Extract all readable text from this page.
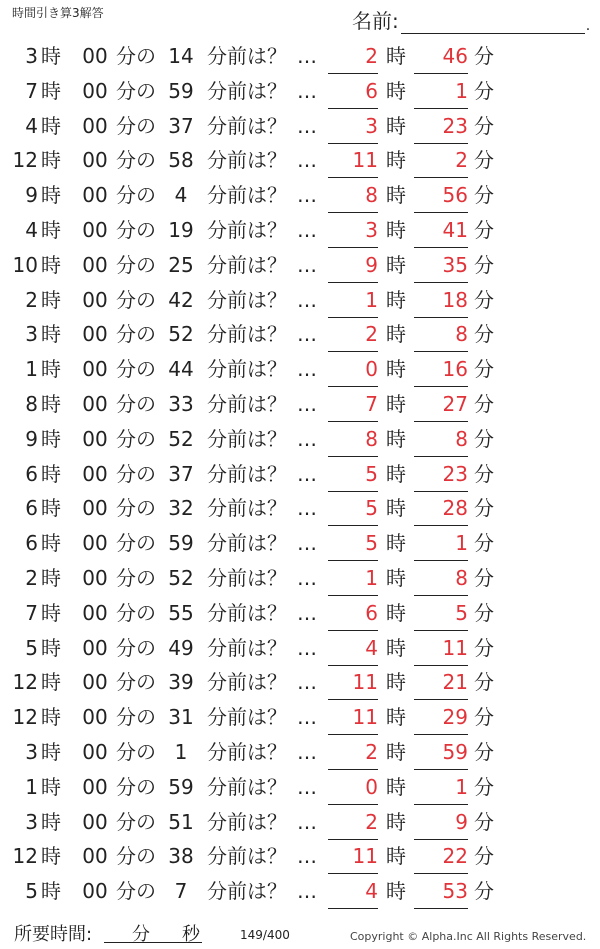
時間引き算3解答	名前:	.
3 時 00 分の 14 分前は？ …	2 時	46 分
7 時 00 分の 59 分前は？ …	6 時	1 分
4 時 00 分の 37 分前は？ …	3 時	23 分
12 時 00 分の 58 分前は？ …	11 時	2 分
9 時 00 分の 4 分前は？ …	8 時	56 分
4 時 00 分の 19 分前は？ …	3 時	41 分
10 時 00 分の 25 分前は？ …	9 時	35 分
2 時 00 分の 42 分前は？ …	1 時	18 分
3 時 00 分の 52 分前は？ …	2 時	8 分
1 時 00 分の 44 分前は？ …	0 時	16 分
8 時 00 分の 33 分前は？ …	7 時	27 分
9 時 00 分の 52 分前は？ …	8 時	8 分
6 時 00 分の 37 分前は？ …	5 時	23 分
6 時 00 分の 32 分前は？ …	5 時	28 分
6 時 00 分の 59 分前は？ …	5 時	1 分
2 時 00 分の 52 分前は？ …	1 時	8 分
7 時 00 分の 55 分前は？ …	6 時	5 分
5 時 00 分の 49 分前は？ …	4 時	11 分
12 時 00 分の 39 分前は？ …	11 時	21 分
12 時 00 分の 31 分前は？ …	11 時	29 分
3 時 00 分の 1 分前は？ …	2 時	59 分
1 時 00 分の 59 分前は？ …	0 時	1 分
3 時 00 分の 51 分前は？ …	2 時	9 分
12 時 00 分の 38 分前は？ …	11 時	22 分
5 時 00 分の 7 分前は？ …	4 時	53 分
所要時間: 分 秒	149/400	Copyright © Alpha.Inc All Rights Reserved.
